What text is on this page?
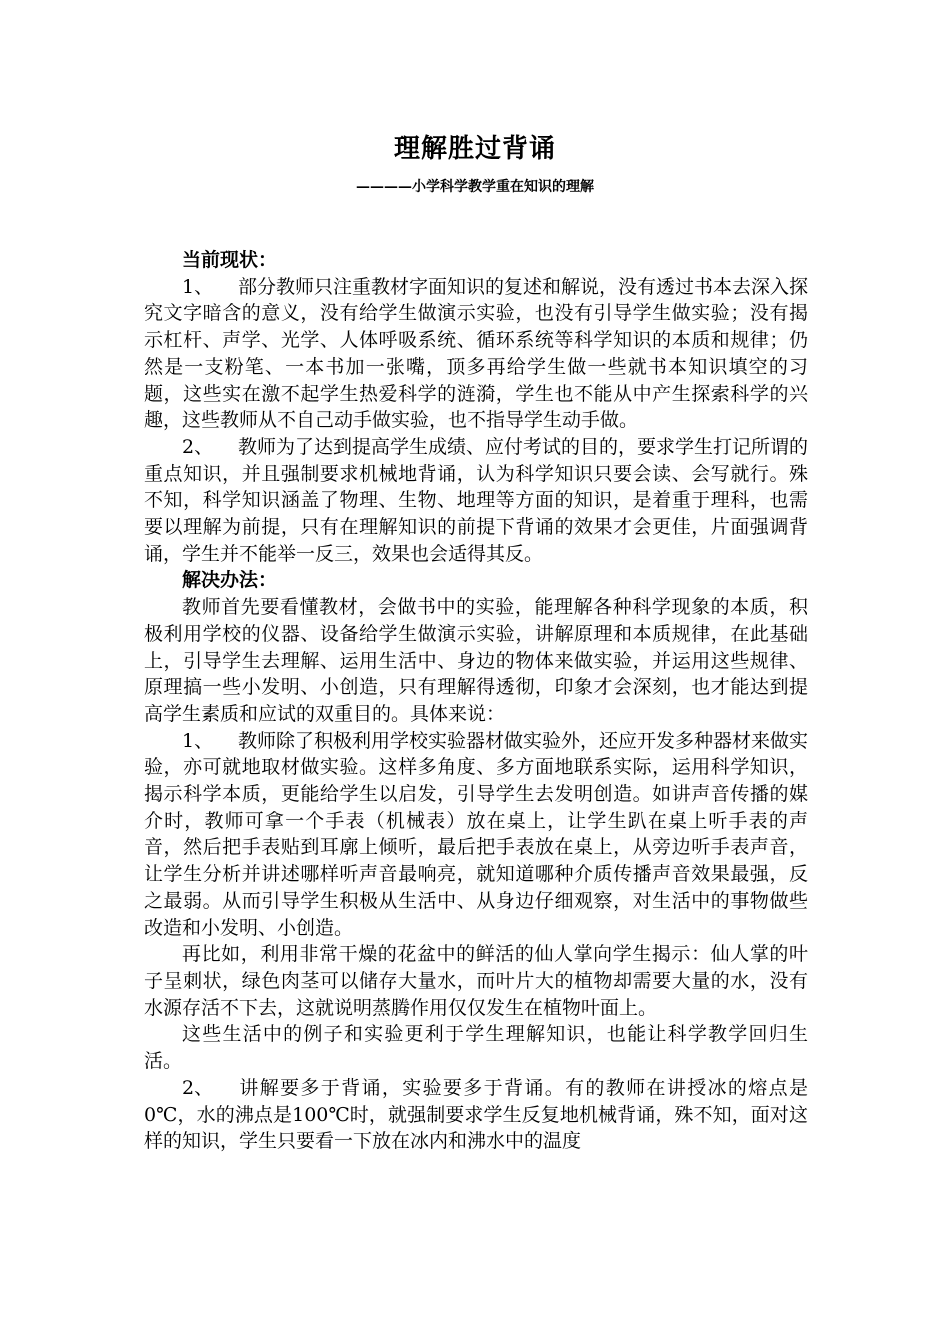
理解胜过背诵
————小学科学教学重在知识的理解

当前现状：

1、 部分教师只注重教材字面知识的复述和解说，没有透过书本去深入探究文字暗含的意义，没有给学生做演示实验，也没有引导学生做实验；没有揭示杠杆、声学、光学、人体呼吸系统、循环系统等科学知识的本质和规律；仍然是一支粉笔、一本书加一张嘴，顶多再给学生做一些就书本知识填空的习题，这些实在激不起学生热爱科学的涟漪，学生也不能从中产生探索科学的兴趣，这些教师从不自己动手做实验，也不指导学生动手做。

2、 教师为了达到提高学生成绩、应付考试的目的，要求学生打记所谓的重点知识，并且强制要求机械地背诵，认为科学知识只要会读、会写就行。殊不知，科学知识涵盖了物理、生物、地理等方面的知识，是着重于理科，也需要以理解为前提，只有在理解知识的前提下背诵的效果才会更佳，片面强调背诵，学生并不能举一反三，效果也会适得其反。

解决办法：

教师首先要看懂教材，会做书中的实验，能理解各种科学现象的本质，积极利用学校的仪器、设备给学生做演示实验，讲解原理和本质规律，在此基础上，引导学生去理解、运用生活中、身边的物体来做实验，并运用这些规律、原理搞一些小发明、小创造，只有理解得透彻，印象才会深刻，也才能达到提高学生素质和应试的双重目的。具体来说：

1、 教师除了积极利用学校实验器材做实验外，还应开发多种器材来做实验，亦可就地取材做实验。这样多角度、多方面地联系实际，运用科学知识，揭示科学本质，更能给学生以启发，引导学生去发明创造。如讲声音传播的媒介时，教师可拿一个手表（机械表）放在桌上，让学生趴在桌上听手表的声音，然后把手表贴到耳廓上倾听，最后把手表放在桌上，从旁边听手表声音，让学生分析并讲述哪样听声音最响亮，就知道哪种介质传播声音效果最强，反之最弱。从而引导学生积极从生活中、从身边仔细观察，对生活中的事物做些改造和小发明、小创造。

再比如，利用非常干燥的花盆中的鲜活的仙人掌向学生揭示：仙人掌的叶子呈刺状，绿色肉茎可以储存大量水，而叶片大的植物却需要大量的水，没有水源存活不下去，这就说明蒸腾作用仅仅发生在植物叶面上。

这些生活中的例子和实验更利于学生理解知识，也能让科学教学回归生活。

2、 讲解要多于背诵，实验要多于背诵。有的教师在讲授冰的熔点是0℃，水的沸点是100℃时，就强制要求学生反复地机械背诵，殊不知，面对这样的知识，学生只要看一下放在冰内和沸水中的温度
